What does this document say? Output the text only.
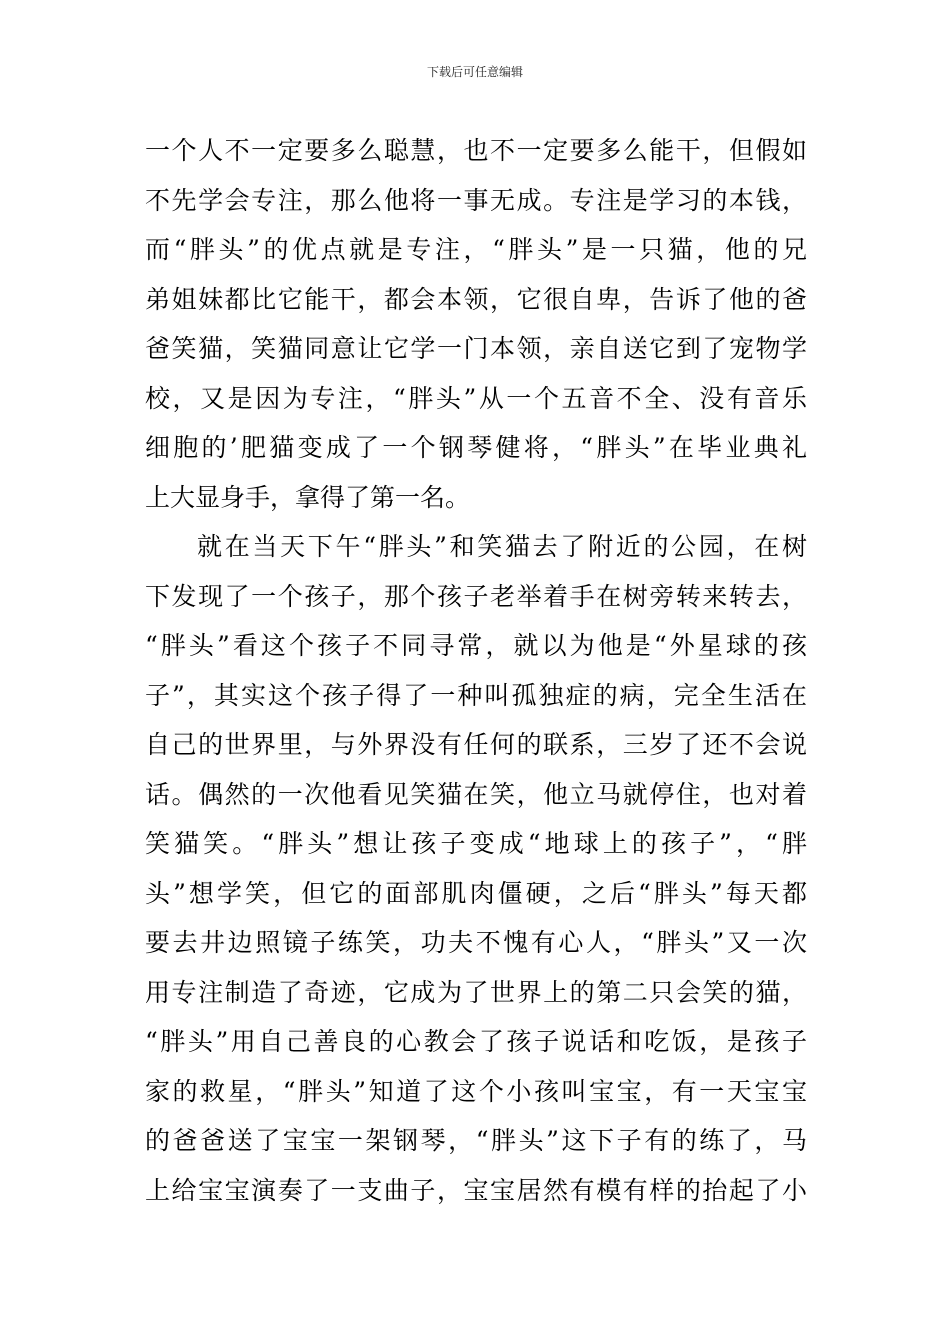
下载后可任意编辑
一个人不一定要多么聪慧，也不一定要多么能干，但假如
不先学会专注，那么他将一事无成。专注是学习的本钱，
而“胖头”的优点就是专注，“胖头”是一只猫，他的兄
弟姐妹都比它能干，都会本领，它很自卑，告诉了他的爸
爸笑猫，笑猫同意让它学一门本领，亲自送它到了宠物学
校，又是因为专注，“胖头”从一个五音不全、没有音乐
细胞的’肥猫变成了一个钢琴健将，“胖头”在毕业典礼
上大显身手，拿得了第一名。
就在当天下午“胖头”和笑猫去了附近的公园，在树
下发现了一个孩子，那个孩子老举着手在树旁转来转去，
“胖头”看这个孩子不同寻常，就以为他是“外星球的孩
子”，其实这个孩子得了一种叫孤独症的病，完全生活在
自己的世界里，与外界没有任何的联系，三岁了还不会说
话。偶然的一次他看见笑猫在笑，他立马就停住，也对着
笑猫笑。“胖头”想让孩子变成“地球上的孩子”，“胖
头”想学笑，但它的面部肌肉僵硬，之后“胖头”每天都
要去井边照镜子练笑，功夫不愧有心人，“胖头”又一次
用专注制造了奇迹，它成为了世界上的第二只会笑的猫，
“胖头”用自己善良的心教会了孩子说话和吃饭，是孩子
家的救星，“胖头”知道了这个小孩叫宝宝，有一天宝宝
的爸爸送了宝宝一架钢琴，“胖头”这下子有的练了，马
上给宝宝演奏了一支曲子，宝宝居然有模有样的抬起了小
